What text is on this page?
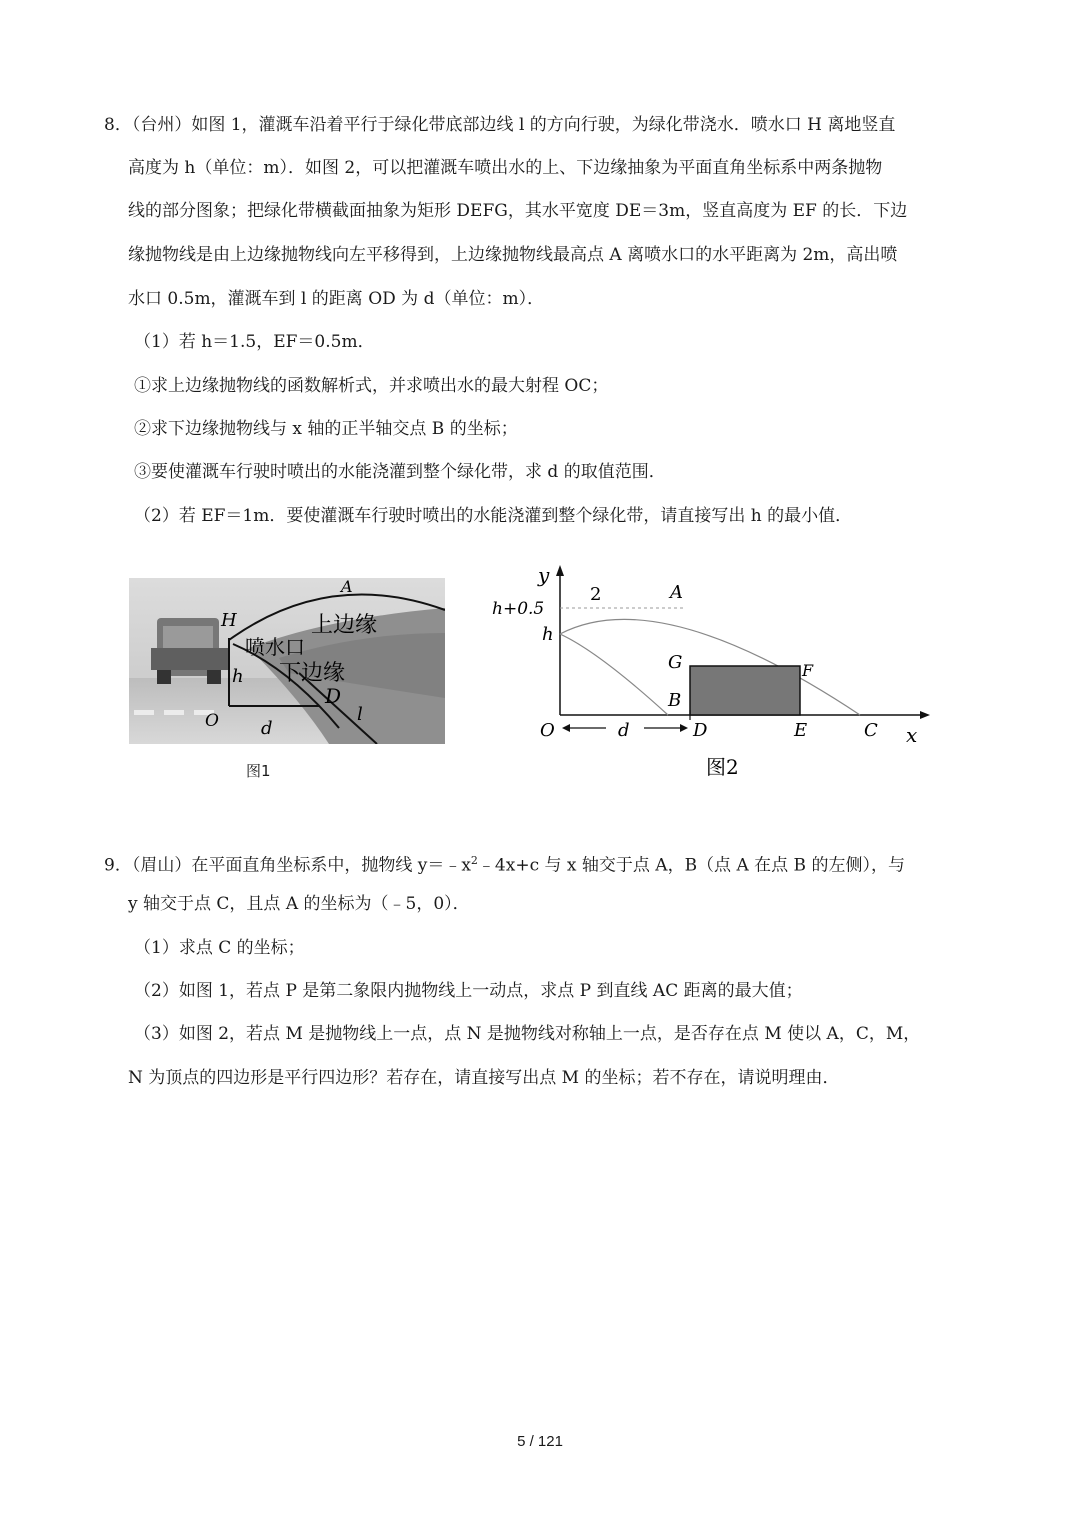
8．（台州）如图 1，灌溉车沿着平行于绿化带底部边线 l 的方向行驶，为绿化带浇水．喷水口 H 离地竖直
高度为 h（单位：m）．如图 2，可以把灌溉车喷出水的上、下边缘抽象为平面直角坐标系中两条抛物
线的部分图象；把绿化带横截面抽象为矩形 DEFG，其水平宽度 DE＝3m，竖直高度为 EF 的长．下边
缘抛物线是由上边缘抛物线向左平移得到，上边缘抛物线最高点 A 离喷水口的水平距离为 2m，高出喷
水口 0.5m，灌溉车到 l 的距离 OD 为 d（单位：m）．
（1）若 h＝1.5，EF＝0.5m．
①求上边缘抛物线的函数解析式，并求喷出水的最大射程 OC；
②求下边缘抛物线与 x 轴的正半轴交点 B 的坐标；
③要使灌溉车行驶时喷出的水能浇灌到整个绿化带，求 d 的取值范围．
（2）若 EF＝1m．要使灌溉车行驶时喷出的水能浇灌到整个绿化带，请直接写出 h 的最小值．
A
H	上边缘
喷水口
h 下边缘
D
l
O d
图1
y
2	A
h+0.5
h
G	F
B
O	d	D	E	C x
图2
9．（眉山）在平面直角坐标系中，抛物线 $y=﹣x^2﹣4x+c$ 与 x 轴交于点 A，B（点 A 在点 B 的左侧），与
y 轴交于点 C，且点 A 的坐标为（﹣5，0）．
（1）求点 C 的坐标；
（2）如图 1，若点 P 是第二象限内抛物线上一动点，求点 P 到直线 AC 距离的最大值；
（3）如图 2，若点 M 是抛物线上一点，点 N 是抛物线对称轴上一点，是否存在点 M 使以 A，C，M，
N 为顶点的四边形是平行四边形？若存在，请直接写出点 M 的坐标；若不存在，请说明理由．
5 / 121
